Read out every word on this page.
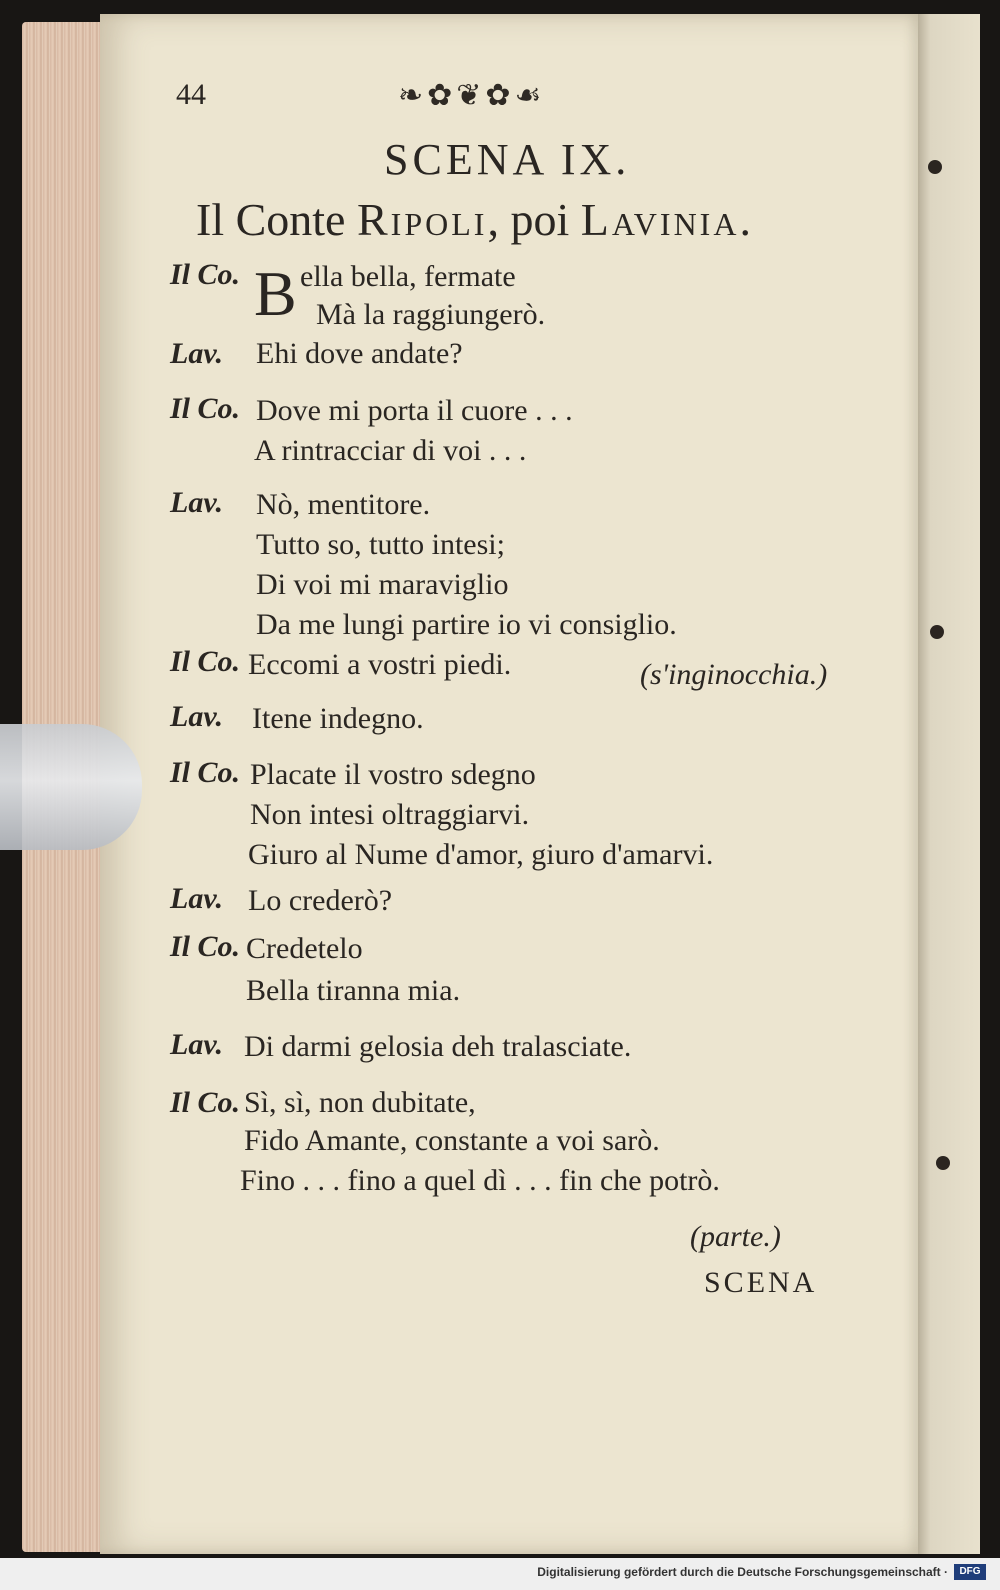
44	❧✿❦✿☙
SCENA IX.
Il Conte Ripoli, poi Lavinia.
Il Co. B ella bella, fermate
Mà la raggiungerò.
Lav. Ehi dove andate?
Il Co. Dove mi porta il cuore . . .
A rintracciar di voi . . .
Lav. Nò, mentitore.
Tutto so, tutto intesi;
Di voi mi maraviglio
Da me lungi partire io vi consiglio.
Il Co. Eccomi a vostri piedi.	(s'inginocchia.)
Lav. Itene indegno.
Il Co. Placate il vostro sdegno
Non intesi oltraggiarvi.
Giuro al Nume d'amor, giuro d'amarvi.
Lav. Lo crederò?
Il Co. Credetelo
Bella tiranna mia.
Lav. Di darmi gelosia deh tralasciate.
Il Co. Sì, sì, non dubitate,
Fido Amante, constante a voi sarò.
Fino . . . fino a quel dì . . . fin che potrò.
(parte.)
SCENA
Digitalisierung gefördert durch die Deutsche Forschungsgemeinschaft ·	DFG
